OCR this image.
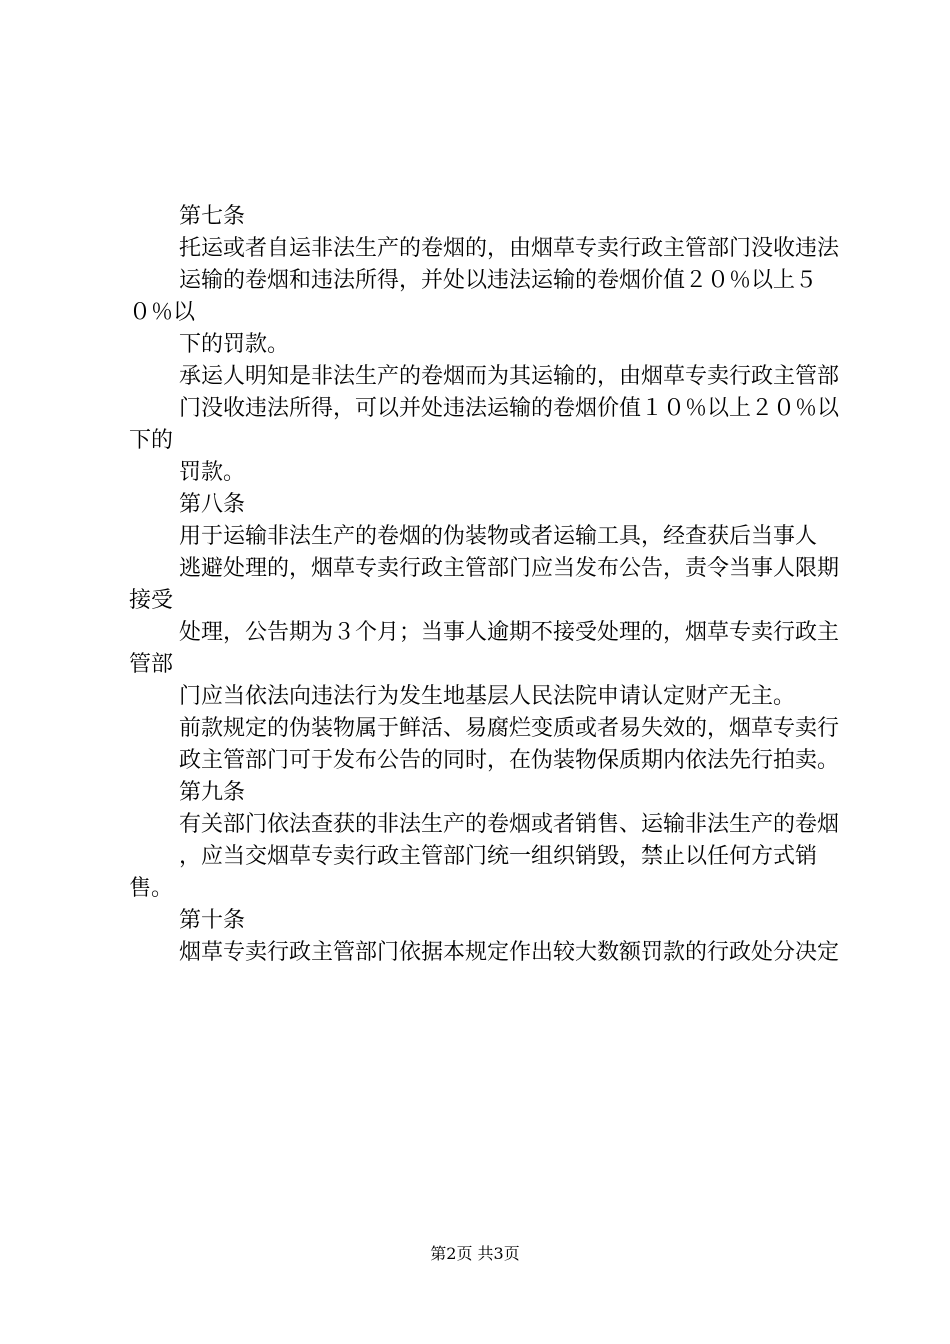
第七条

托运或者自运非法生产的卷烟的，由烟草专卖行政主管部门没收违法

运输的卷烟和违法所得，并处以违法运输的卷烟价值２０％以上５０％以

下的罚款。

承运人明知是非法生产的卷烟而为其运输的，由烟草专卖行政主管部

门没收违法所得，可以并处违法运输的卷烟价值１０％以上２０％以下的

罚款。

第八条

用于运输非法生产的卷烟的伪装物或者运输工具，经查获后当事人

逃避处理的，烟草专卖行政主管部门应当发布公告，责令当事人限期接受

处理，公告期为３个月；当事人逾期不接受处理的，烟草专卖行政主管部

门应当依法向违法行为发生地基层人民法院申请认定财产无主。

前款规定的伪装物属于鲜活、易腐烂变质或者易失效的，烟草专卖行

政主管部门可于发布公告的同时，在伪装物保质期内依法先行拍卖。

第九条

有关部门依法查获的非法生产的卷烟或者销售、运输非法生产的卷烟

，应当交烟草专卖行政主管部门统一组织销毁，禁止以任何方式销售。

第十条

烟草专卖行政主管部门依据本规定作出较大数额罚款的行政处分决定

第2页 共3页
